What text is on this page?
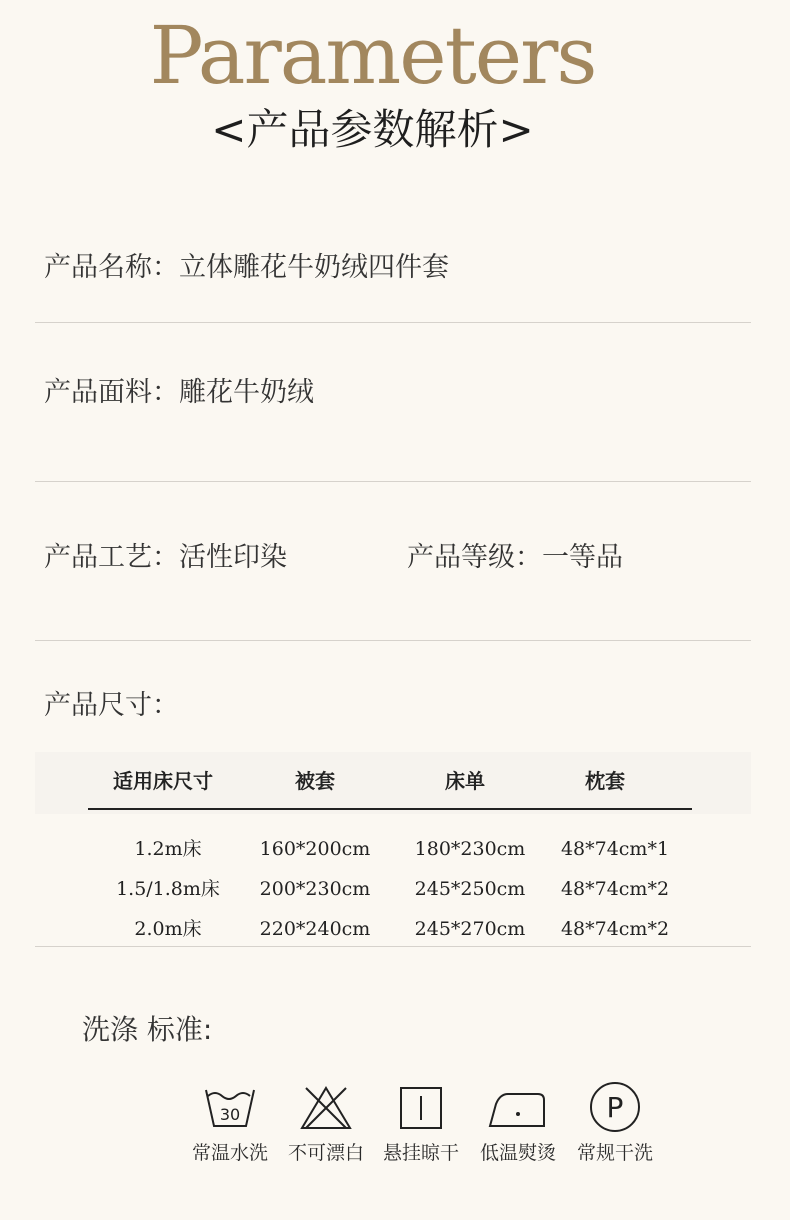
Parameters
<产品参数解析>
产品名称：立体雕花牛奶绒四件套
产品面料：雕花牛奶绒
产品工艺：活性印染	产品等级：一等品
产品尺寸：
适用床尺寸	被套	床单	枕套
1.2m床	160*200cm	180*230cm	48*74cm*1
1.5/1.8m床	200*230cm	245*250cm	48*74cm*2
2.0m床	220*240cm	245*270cm	48*74cm*2
洗涤 标准:
30
常温水洗	不可漂白 悬挂晾干	低温熨烫
P
常规干洗
